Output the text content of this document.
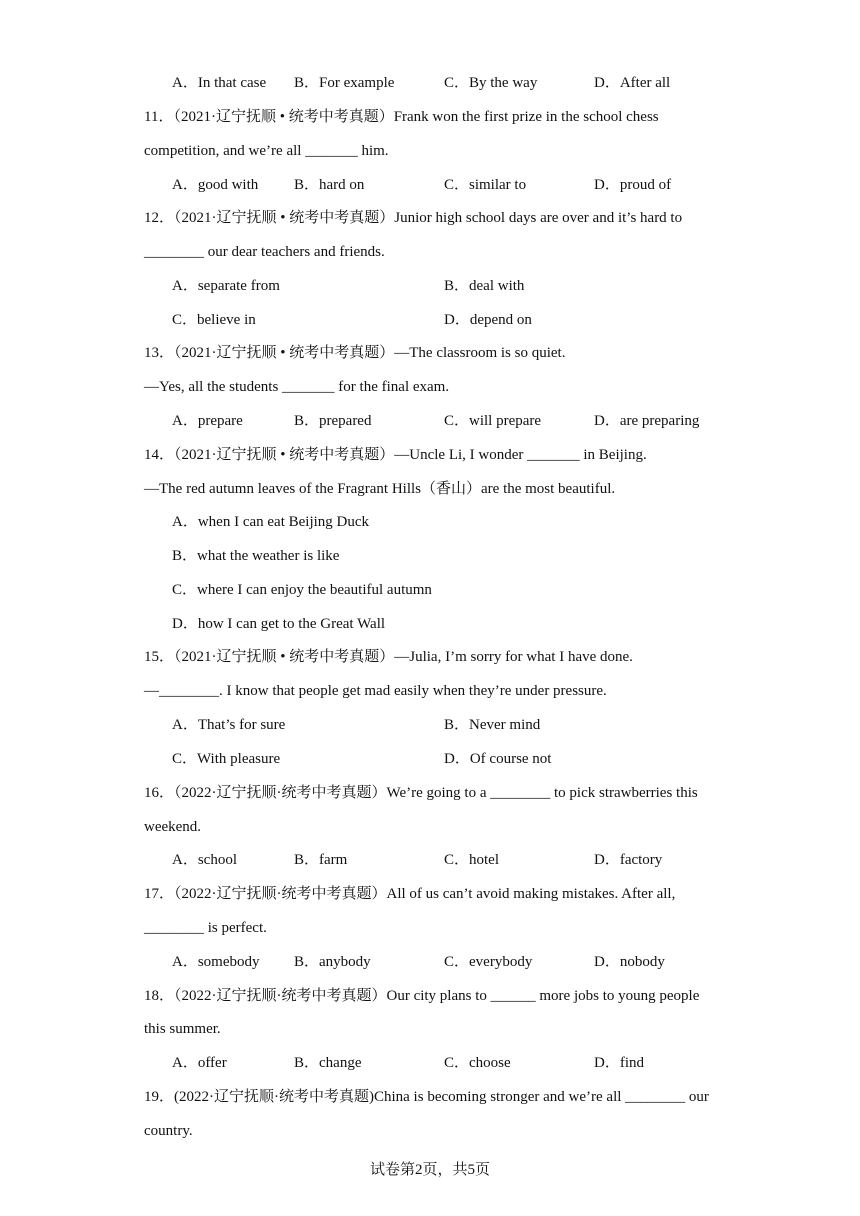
A．In that case B．For example	C．By the way	D．After all
11．（2021·辽宁抚顺 • 统考中考真题）Frank won the first prize in the school chess
competition, and we’re all _______ him.
A．good with B．hard on	C．similar to	D．proud of
12．（2021·辽宁抚顺 • 统考中考真题）Junior high school days are over and it’s hard to
________ our dear teachers and friends.
A．separate from	B．deal with
C．believe in	D．depend on
13．（2021·辽宁抚顺 • 统考中考真题）—The classroom is so quiet.
—Yes, all the students _______ for the final exam.
A．prepare	B．prepared	C．will prepare	D．are preparing
14．（2021·辽宁抚顺 • 统考中考真题）—Uncle Li, I wonder _______ in Beijing.
—The red autumn leaves of the Fragrant Hills（香山）are the most beautiful.
A．when I can eat Beijing Duck
B．what the weather is like
C．where I can enjoy the beautiful autumn
D．how I can get to the Great Wall
15．（2021·辽宁抚顺 • 统考中考真题）—Julia, I’m sorry for what I have done.
—________. I know that people get mad easily when they’re under pressure.
A．That’s for sure	B．Never mind
C．With pleasure	D．Of course not
16．（2022·辽宁抚顺·统考中考真题）We’re going to a ________ to pick strawberries this
weekend.
A．school	B．farm	C．hotel	D．factory
17．（2022·辽宁抚顺·统考中考真题）All of us can’t avoid making mistakes. After all,
________ is perfect.
A．somebody B．anybody	C．everybody	D．nobody
18．（2022·辽宁抚顺·统考中考真题）Our city plans to ______ more jobs to young people
this summer.
A．offer	B．change	C．choose	D．find
19．(2022·辽宁抚顺·统考中考真题)China is becoming stronger and we’re all ________ our
country.
试卷第2页，共5页
